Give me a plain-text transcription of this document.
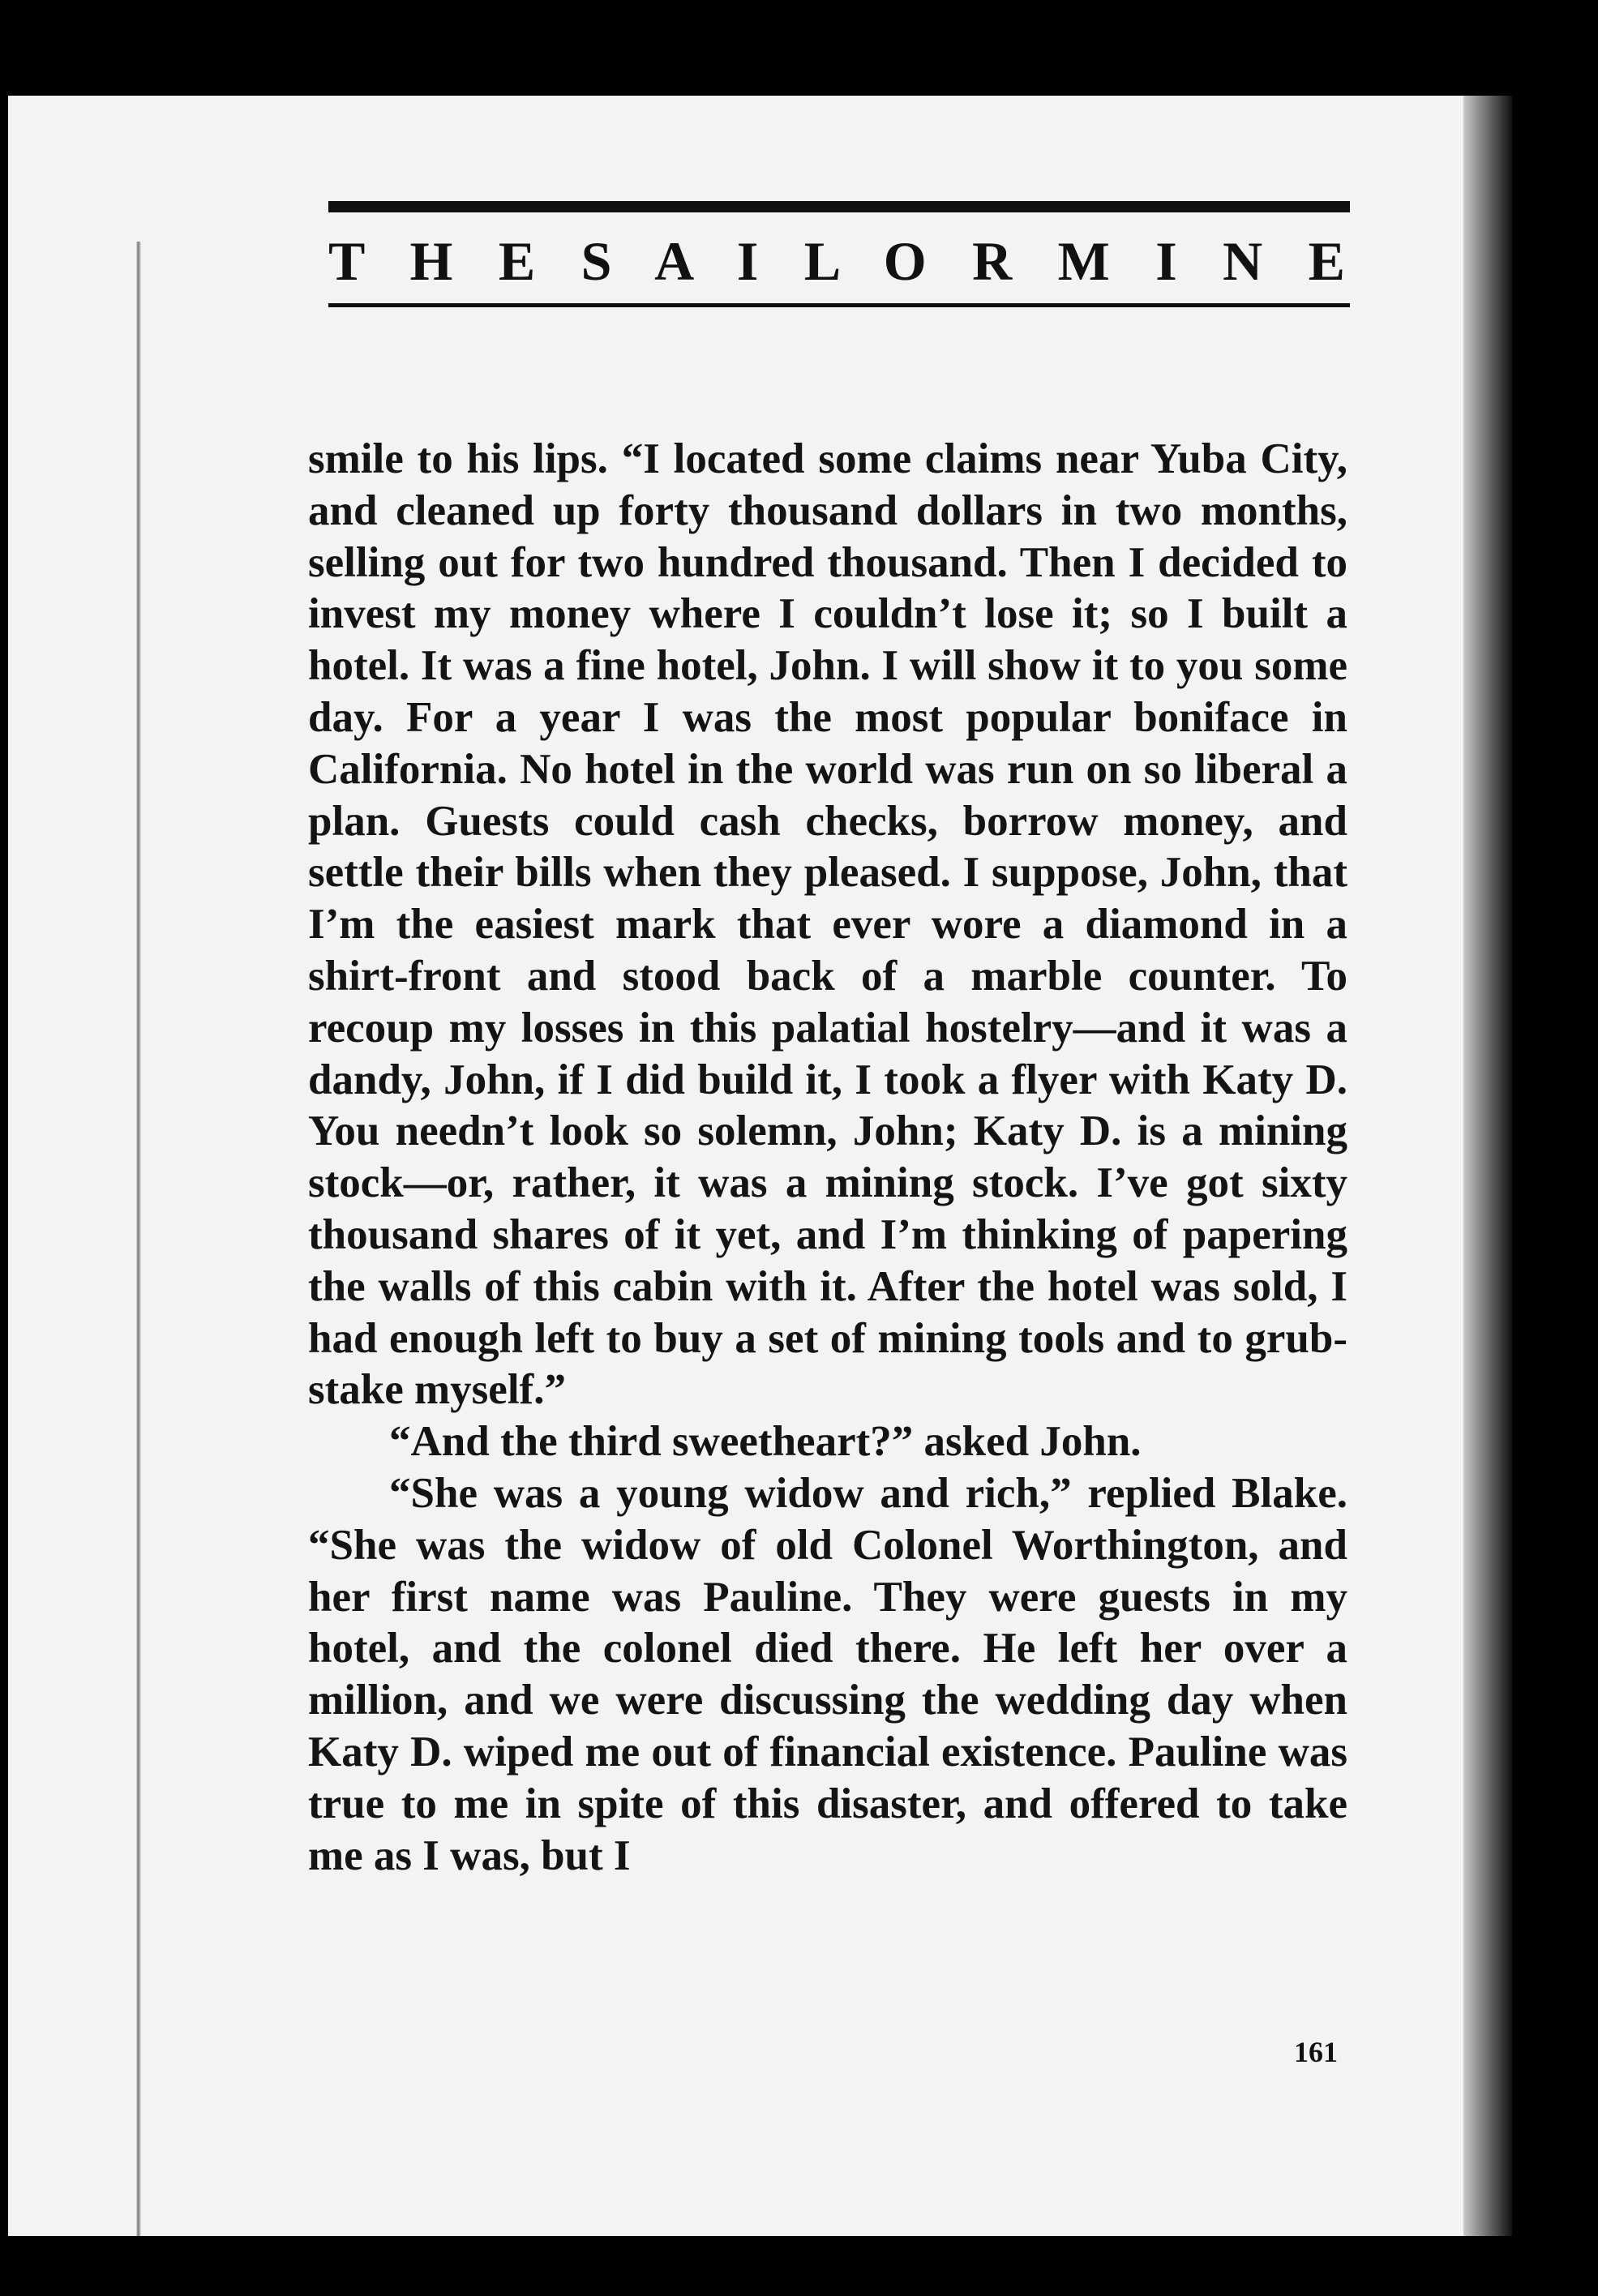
T H E S A I L O R M I N E

smile to his lips. “I located some claims near Yuba City, and cleaned up forty thousand dollars in two months, selling out for two hundred thousand. Then I decided to invest my money where I couldn’t lose it; so I built a hotel. It was a fine hotel, John. I will show it to you some day. For a year I was the most popular boniface in California. No hotel in the world was run on so liberal a plan. Guests could cash checks, borrow money, and settle their bills when they pleased. I suppose, John, that I’m the easiest mark that ever wore a diamond in a shirt-front and stood back of a marble counter. To recoup my losses in this palatial hostelry—and it was a dandy, John, if I did build it, I took a flyer with Katy D. You needn’t look so solemn, John; Katy D. is a mining stock—or, rather, it was a mining stock. I’ve got sixty thousand shares of it yet, and I’m thinking of papering the walls of this cabin with it. After the hotel was sold, I had enough left to buy a set of mining tools and to grub-stake myself.”

“And the third sweetheart?” asked John.

“She was a young widow and rich,” replied Blake. “She was the widow of old Colonel Worthington, and her first name was Pauline. They were guests in my hotel, and the colonel died there. He left her over a million, and we were discussing the wedding day when Katy D. wiped me out of financial existence. Pauline was true to me in spite of this disaster, and offered to take me as I was, but I

161
